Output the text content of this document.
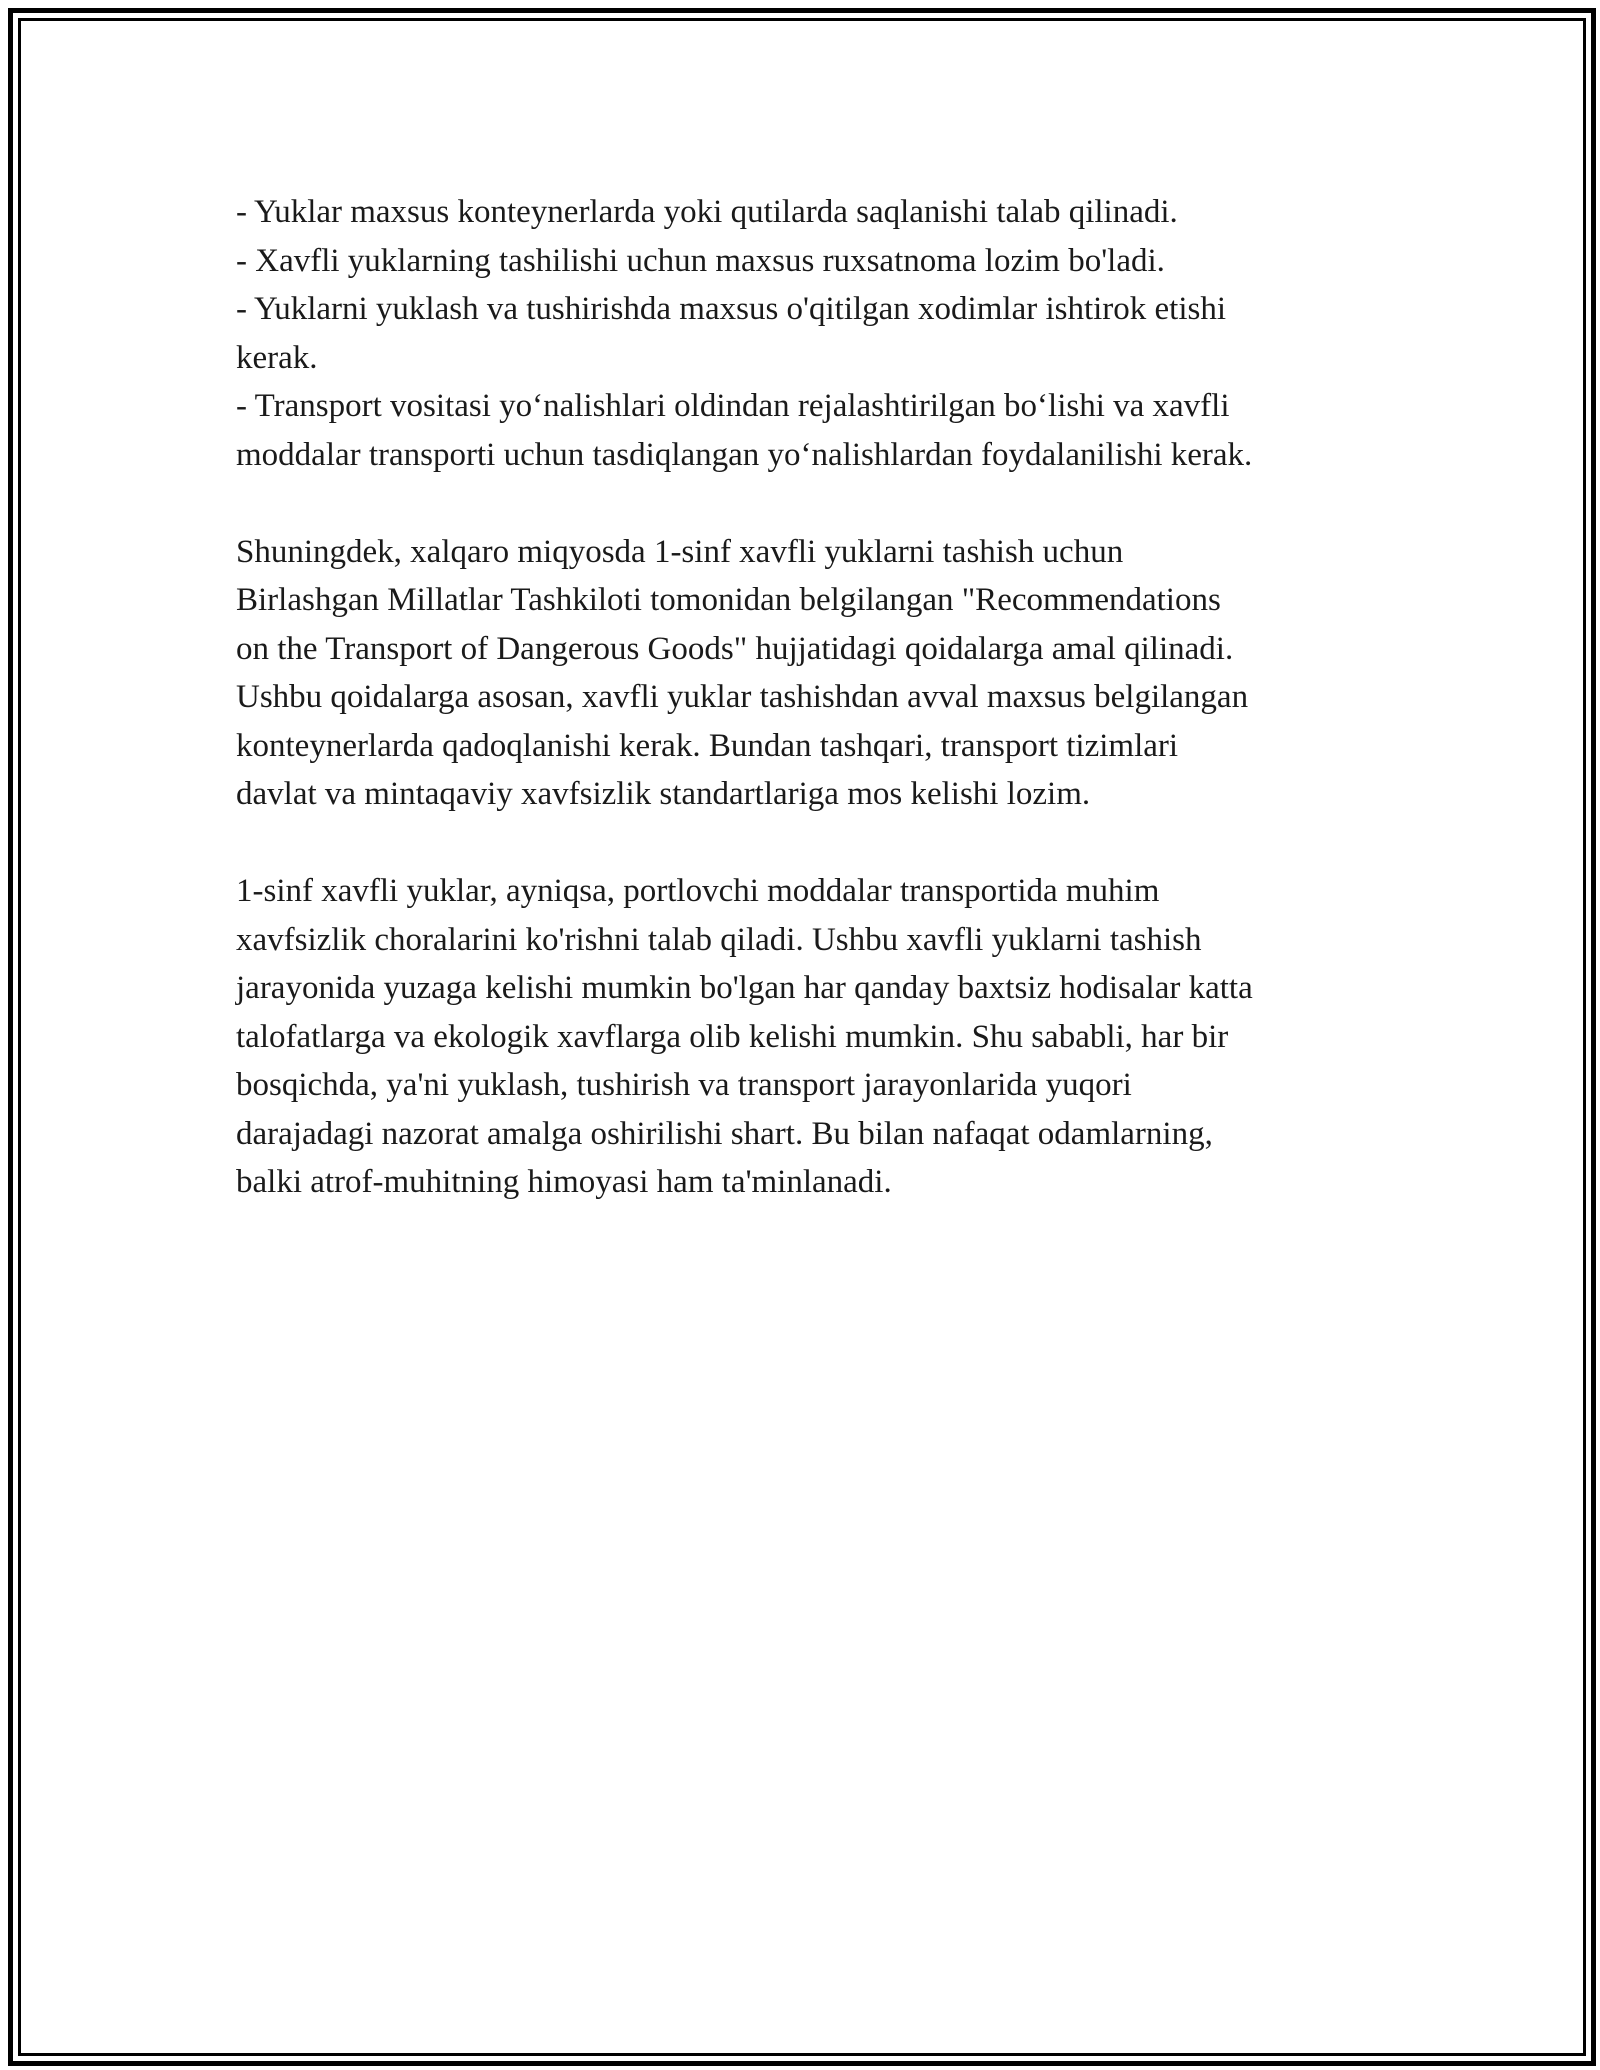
- Yuklar maxsus konteynerlarda yoki qutilarda saqlanishi talab qilinadi.
- Xavfli yuklarning tashilishi uchun maxsus ruxsatnoma lozim bo'ladi.
- Yuklarni yuklash va tushirishda maxsus o'qitilgan xodimlar ishtirok etishi
kerak.
- Transport vositasi yo‘nalishlari oldindan rejalashtirilgan bo‘lishi va xavfli
moddalar transporti uchun tasdiqlangan yo‘nalishlardan foydalanilishi kerak.
Shuningdek, xalqaro miqyosda 1-sinf xavfli yuklarni tashish uchun
Birlashgan Millatlar Tashkiloti tomonidan belgilangan "Recommendations
on the Transport of Dangerous Goods" hujjatidagi qoidalarga amal qilinadi.
Ushbu qoidalarga asosan, xavfli yuklar tashishdan avval maxsus belgilangan
konteynerlarda qadoqlanishi kerak. Bundan tashqari, transport tizimlari
davlat va mintaqaviy xavfsizlik standartlariga mos kelishi lozim.
1-sinf xavfli yuklar, ayniqsa, portlovchi moddalar transportida muhim
xavfsizlik choralarini ko'rishni talab qiladi. Ushbu xavfli yuklarni tashish
jarayonida yuzaga kelishi mumkin bo'lgan har qanday baxtsiz hodisalar katta
talofatlarga va ekologik xavflarga olib kelishi mumkin. Shu sababli, har bir
bosqichda, ya'ni yuklash, tushirish va transport jarayonlarida yuqori
darajadagi nazorat amalga oshirilishi shart. Bu bilan nafaqat odamlarning,
balki atrof-muhitning himoyasi ham ta'minlanadi.
